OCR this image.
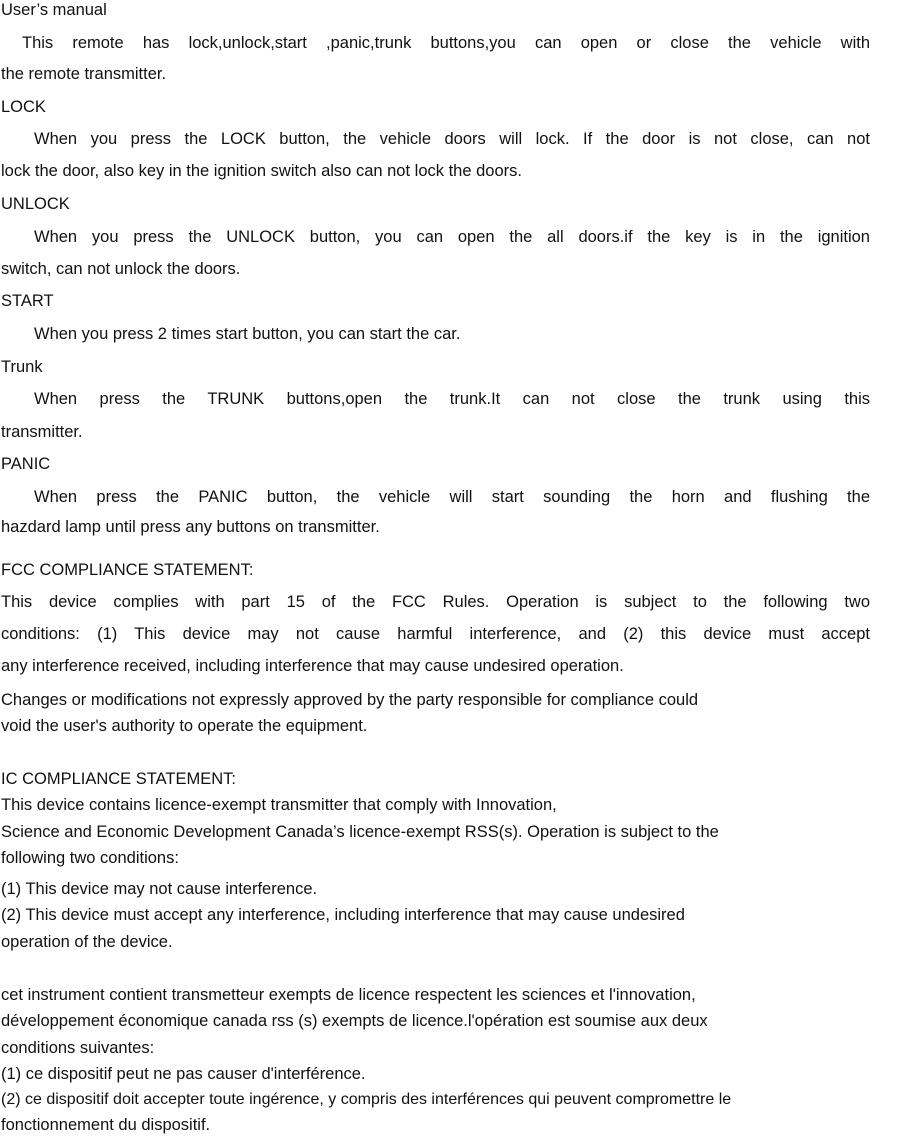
User’s manual

This remote has lock,unlock,start ,panic,trunk buttons,you can open or close the vehicle with

the remote transmitter.

LOCK

When you press the LOCK button, the vehicle doors will lock. If the door is not close, can not

lock the door, also key in the ignition switch also can not lock the doors.

UNLOCK

When you press the UNLOCK button, you can open the all doors.if the key is in the ignition

switch, can not unlock the doors.

START

When you press 2 times start button, you can start the car.

Trunk

When press the TRUNK buttons,open the trunk.It can not close the trunk using this

transmitter.

PANIC

When press the PANIC button, the vehicle will start sounding the horn and flushing the

hazdard lamp until press any buttons on transmitter.

FCC COMPLIANCE STATEMENT:

This device complies with part 15 of the FCC Rules. Operation is subject to the following two

conditions: (1) This device may not cause harmful interference, and (2) this device must accept

any interference received, including interference that may cause undesired operation.

Changes or modifications not expressly approved by the party responsible for compliance could

void the user's authority to operate the equipment.

IC COMPLIANCE STATEMENT:

This device contains licence-exempt transmitter that comply with Innovation,

Science and Economic Development Canada’s licence-exempt RSS(s). Operation is subject to the

following two conditions:

(1) This device may not cause interference.

(2) This device must accept any interference, including interference that may cause undesired

operation of the device.

cet instrument contient transmetteur exempts de licence respectent les sciences et l'innovation,

développement économique canada rss (s) exempts de licence.l'opération est soumise aux deux

conditions suivantes:

(1) ce dispositif peut ne pas causer d'interférence.

(2) ce dispositif doit accepter toute ingérence, y compris des interférences qui peuvent compromettre le

fonctionnement du dispositif.
